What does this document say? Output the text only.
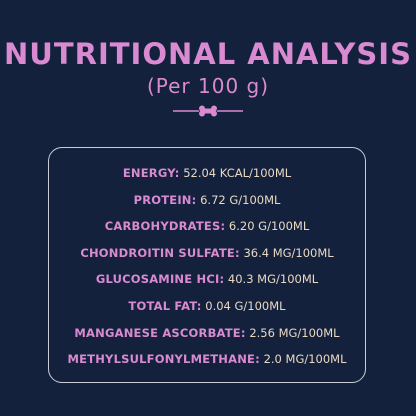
NUTRITIONAL ANALYSIS
(Per 100 g)
ENERGY: 52.04 KCAL/100ML
PROTEIN: 6.72 G/100ML
CARBOHYDRATES: 6.20 G/100ML
CHONDROITIN SULFATE: 36.4 MG/100ML
GLUCOSAMINE HCI: 40.3 MG/100ML
TOTAL FAT: 0.04 G/100ML
MANGANESE ASCORBATE: 2.56 MG/100ML
METHYLSULFONYLMETHANE: 2.0 MG/100ML
